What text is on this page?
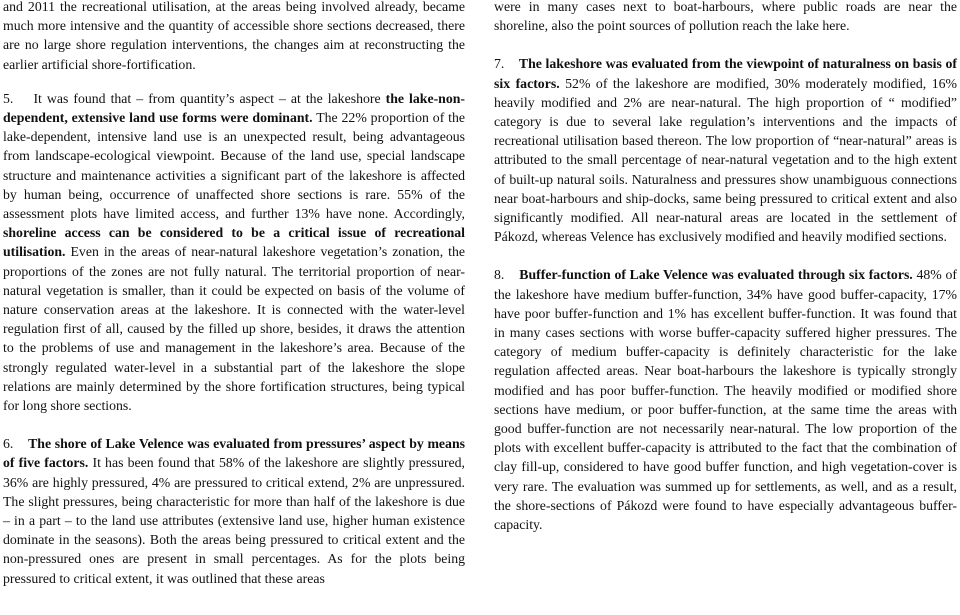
and 2011 the recreational utilisation, at the areas being involved already, became much more intensive and the quantity of accessible shore sections decreased, there are no large shore regulation interventions, the changes aim at reconstructing the earlier artificial shore-fortification.

5. It was found that – from quantity’s aspect – at the lakeshore the lake-non-dependent, extensive land use forms were dominant. The 22% proportion of the lake-dependent, intensive land use is an unexpected result, being advantageous from landscape-ecological viewpoint. Because of the land use, special landscape structure and maintenance activities a significant part of the lakeshore is affected by human being, occurrence of unaffected shore sections is rare. 55% of the assessment plots have limited access, and further 13% have none. Accordingly, shoreline access can be considered to be a critical issue of recreational utilisation. Even in the areas of near-natural lakeshore vegetation’s zonation, the proportions of the zones are not fully natural. The territorial proportion of near-natural vegetation is smaller, than it could be expected on basis of the volume of nature conservation areas at the lakeshore. It is connected with the water-level regulation first of all, caused by the filled up shore, besides, it draws the attention to the problems of use and management in the lakeshore’s area. Because of the strongly regulated water-level in a substantial part of the lakeshore the slope relations are mainly determined by the shore fortification structures, being typical for long shore sections.

6. The shore of Lake Velence was evaluated from pressures’ aspect by means of five factors. It has been found that 58% of the lakeshore are slightly pressured, 36% are highly pressured, 4% are pressured to critical extend, 2% are unpressured. The slight pressures, being characteristic for more than half of the lakeshore is due – in a part – to the land use attributes (extensive land use, higher human existence dominate in the seasons). Both the areas being pressured to critical extent and the non-pressured ones are present in small percentages. As for the plots being pressured to critical extent, it was outlined that these areas

were in many cases next to boat-harbours, where public roads are near the shoreline, also the point sources of pollution reach the lake here.

7. The lakeshore was evaluated from the viewpoint of naturalness on basis of six factors. 52% of the lakeshore are modified, 30% moderately modified, 16% heavily modified and 2% are near-natural. The high proportion of “ modified” category is due to several lake regulation’s interventions and the impacts of recreational utilisation based thereon. The low proportion of “near-natural” areas is attributed to the small percentage of near-natural vegetation and to the high extent of built-up natural soils. Naturalness and pressures show unambiguous connections near boat-harbours and ship-docks, same being pressured to critical extent and also significantly modified. All near-natural areas are located in the settlement of Pákozd, whereas Velence has exclusively modified and heavily modified sections.

8. Buffer-function of Lake Velence was evaluated through six factors. 48% of the lakeshore have medium buffer-function, 34% have good buffer-capacity, 17% have poor buffer-function and 1% has excellent buffer-function. It was found that in many cases sections with worse buffer-capacity suffered higher pressures. The category of medium buffer-capacity is definitely characteristic for the lake regulation affected areas. Near boat-harbours the lakeshore is typically strongly modified and has poor buffer-function. The heavily modified or modified shore sections have medium, or poor buffer-function, at the same time the areas with good buffer-function are not necessarily near-natural. The low proportion of the plots with excellent buffer-capacity is attributed to the fact that the combination of clay fill-up, considered to have good buffer function, and high vegetation-cover is very rare. The evaluation was summed up for settlements, as well, and as a result, the shore-sections of Pákozd were found to have especially advantageous buffer-capacity.
